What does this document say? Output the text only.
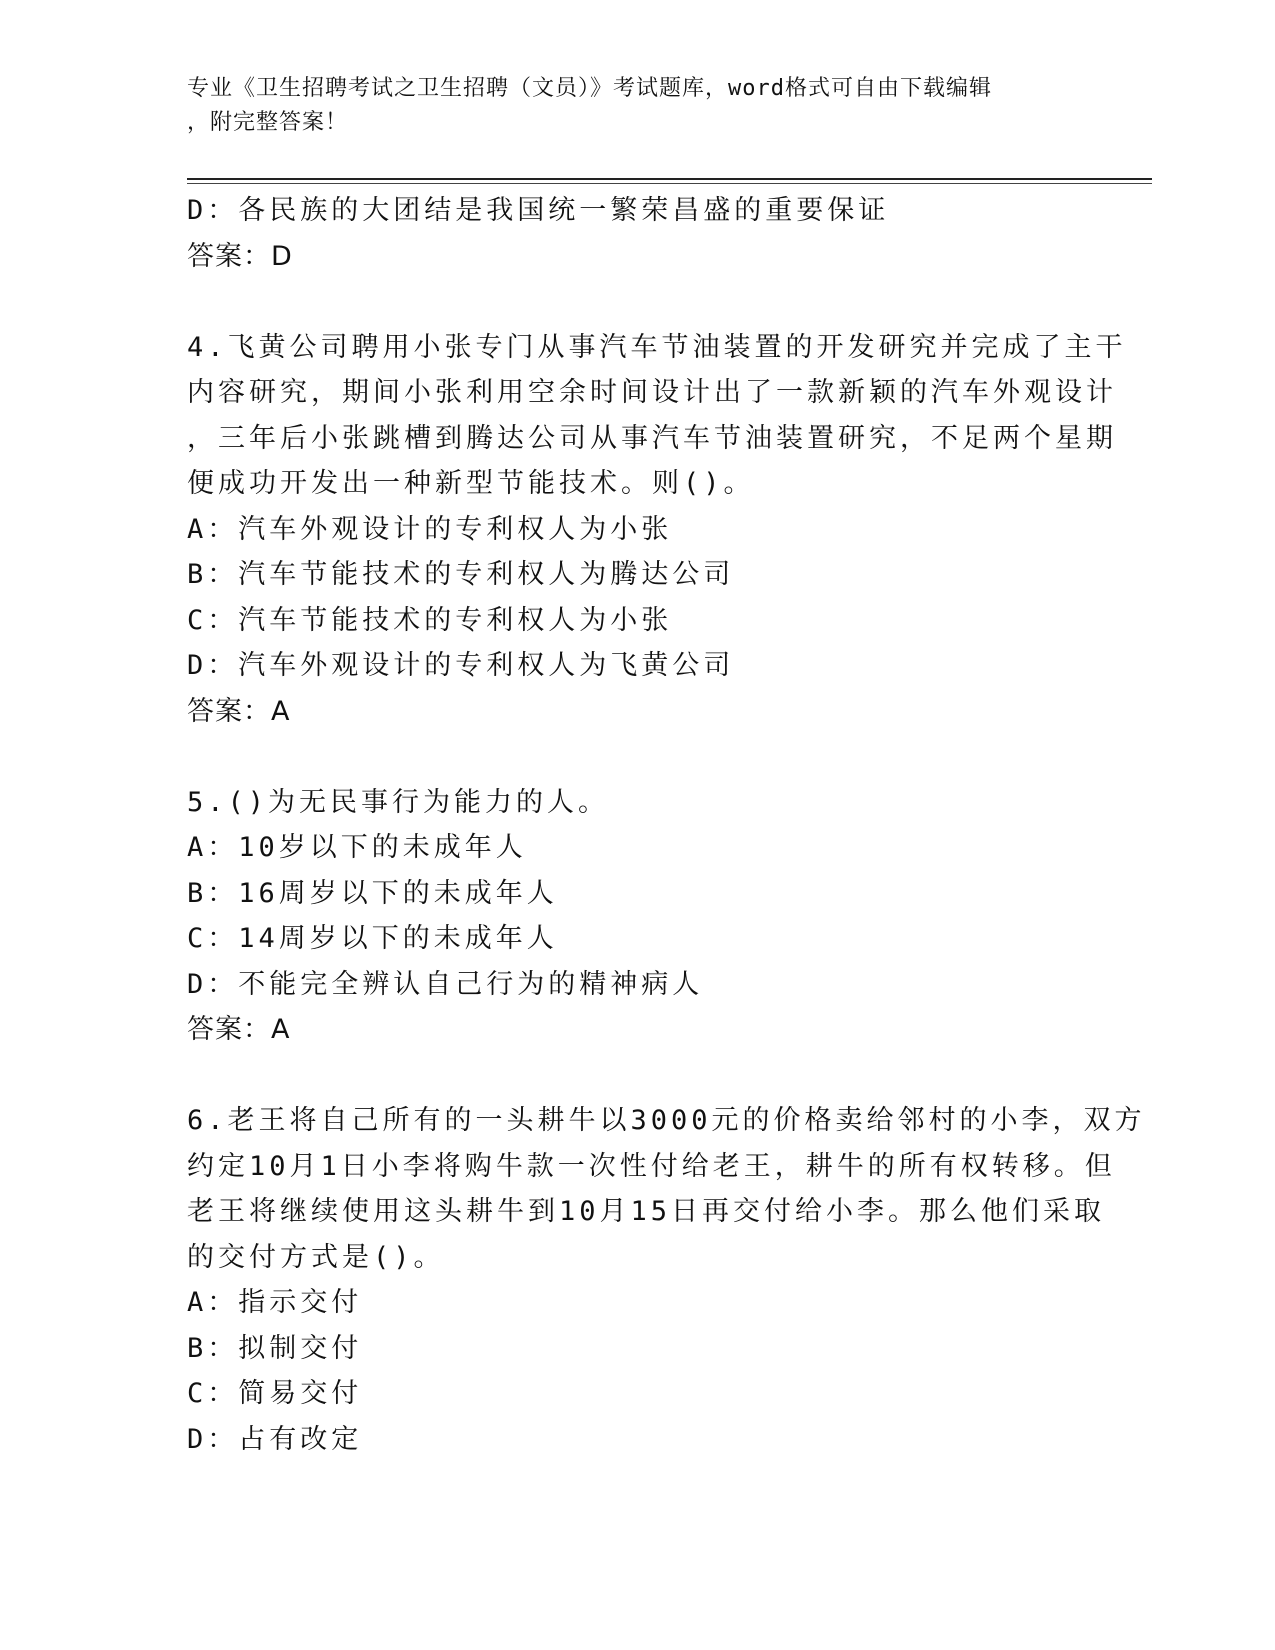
专业《卫生招聘考试之卫生招聘（文员）》考试题库，word格式可自由下载编辑
，附完整答案！
D：各民族的大团结是我国统一繁荣昌盛的重要保证
答案：D
4.飞黄公司聘用小张专门从事汽车节油装置的开发研究并完成了主干
内容研究，期间小张利用空余时间设计出了一款新颖的汽车外观设计
，三年后小张跳槽到腾达公司从事汽车节油装置研究，不足两个星期
便成功开发出一种新型节能技术。则()。
A：汽车外观设计的专利权人为小张
B：汽车节能技术的专利权人为腾达公司
C：汽车节能技术的专利权人为小张
D：汽车外观设计的专利权人为飞黄公司
答案：A
5.()为无民事行为能力的人。
A：10岁以下的未成年人
B：16周岁以下的未成年人
C：14周岁以下的未成年人
D：不能完全辨认自己行为的精神病人
答案：A
6.老王将自己所有的一头耕牛以3000元的价格卖给邻村的小李，双方
约定10月1日小李将购牛款一次性付给老王，耕牛的所有权转移。但
老王将继续使用这头耕牛到10月15日再交付给小李。那么他们采取
的交付方式是()。
A：指示交付
B：拟制交付
C：简易交付
D：占有改定
